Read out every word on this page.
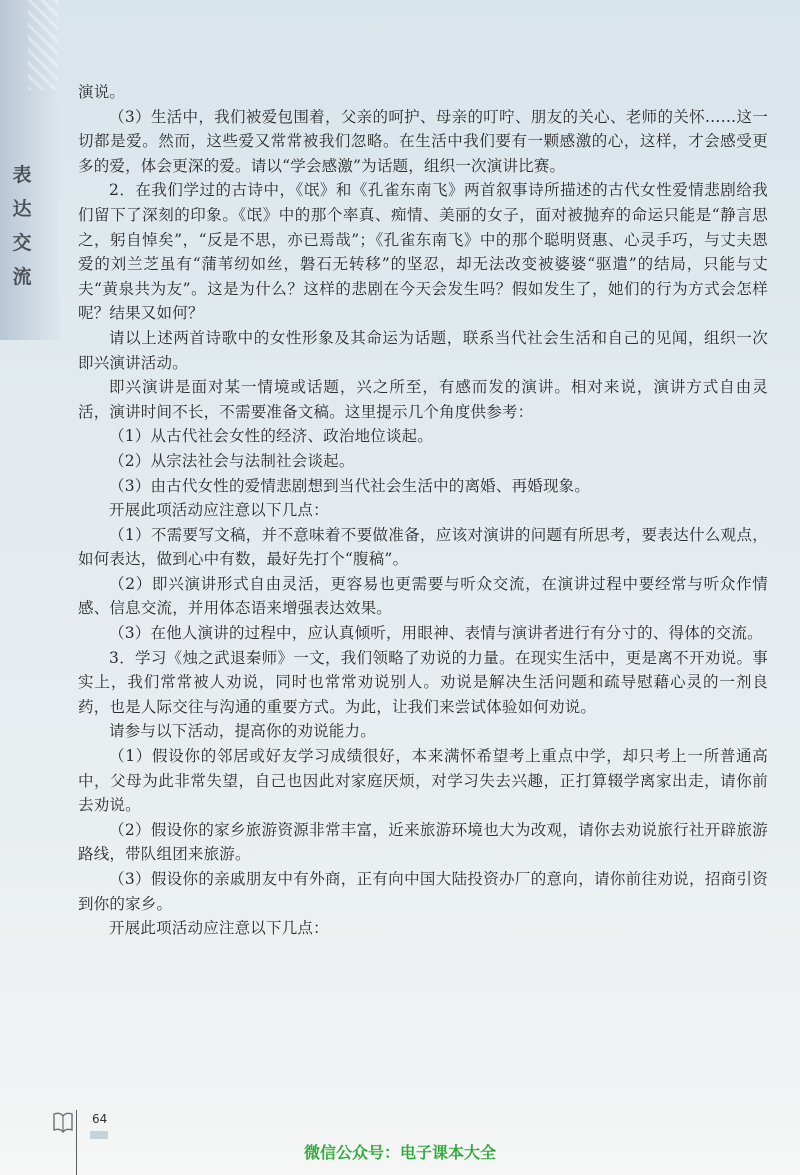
表
达
交
流

演说。

（3）生活中，我们被爱包围着，父亲的呵护、母亲的叮咛、朋友的关心、老师的关怀……这一切都是爱。然而，这些爱又常常被我们忽略。在生活中我们要有一颗感激的心，这样，才会感受更多的爱，体会更深的爱。请以“学会感激”为话题，组织一次演讲比赛。

2．在我们学过的古诗中，《氓》和《孔雀东南飞》两首叙事诗所描述的古代女性爱情悲剧给我们留下了深刻的印象。《氓》中的那个率真、痴情、美丽的女子，面对被抛弃的命运只能是“静言思之，躬自悼矣”，“反是不思，亦已焉哉”；《孔雀东南飞》中的那个聪明贤惠、心灵手巧，与丈夫恩爱的刘兰芝虽有“蒲苇纫如丝，磐石无转移”的坚忍，却无法改变被婆婆“驱遣”的结局，只能与丈夫“黄泉共为友”。这是为什么？这样的悲剧在今天会发生吗？假如发生了，她们的行为方式会怎样呢？结果又如何？

请以上述两首诗歌中的女性形象及其命运为话题，联系当代社会生活和自己的见闻，组织一次即兴演讲活动。

即兴演讲是面对某一情境或话题，兴之所至，有感而发的演讲。相对来说，演讲方式自由灵活，演讲时间不长，不需要准备文稿。这里提示几个角度供参考：

（1）从古代社会女性的经济、政治地位谈起。

（2）从宗法社会与法制社会谈起。

（3）由古代女性的爱情悲剧想到当代社会生活中的离婚、再婚现象。

开展此项活动应注意以下几点：

（1）不需要写文稿，并不意味着不要做准备，应该对演讲的问题有所思考，要表达什么观点，如何表达，做到心中有数，最好先打个“腹稿”。

（2）即兴演讲形式自由灵活，更容易也更需要与听众交流，在演讲过程中要经常与听众作情感、信息交流，并用体态语来增强表达效果。

（3）在他人演讲的过程中，应认真倾听，用眼神、表情与演讲者进行有分寸的、得体的交流。

3．学习《烛之武退秦师》一文，我们领略了劝说的力量。在现实生活中，更是离不开劝说。事实上，我们常常被人劝说，同时也常常劝说别人。劝说是解决生活问题和疏导慰藉心灵的一剂良药，也是人际交往与沟通的重要方式。为此，让我们来尝试体验如何劝说。

请参与以下活动，提高你的劝说能力。

（1）假设你的邻居或好友学习成绩很好，本来满怀希望考上重点中学，却只考上一所普通高中，父母为此非常失望，自己也因此对家庭厌烦，对学习失去兴趣，正打算辍学离家出走，请你前去劝说。

（2）假设你的家乡旅游资源非常丰富，近来旅游环境也大为改观，请你去劝说旅行社开辟旅游路线，带队组团来旅游。

（3）假设你的亲戚朋友中有外商，正有向中国大陆投资办厂的意向，请你前往劝说，招商引资到你的家乡。

开展此项活动应注意以下几点：

64
微信公众号：电子课本大全
